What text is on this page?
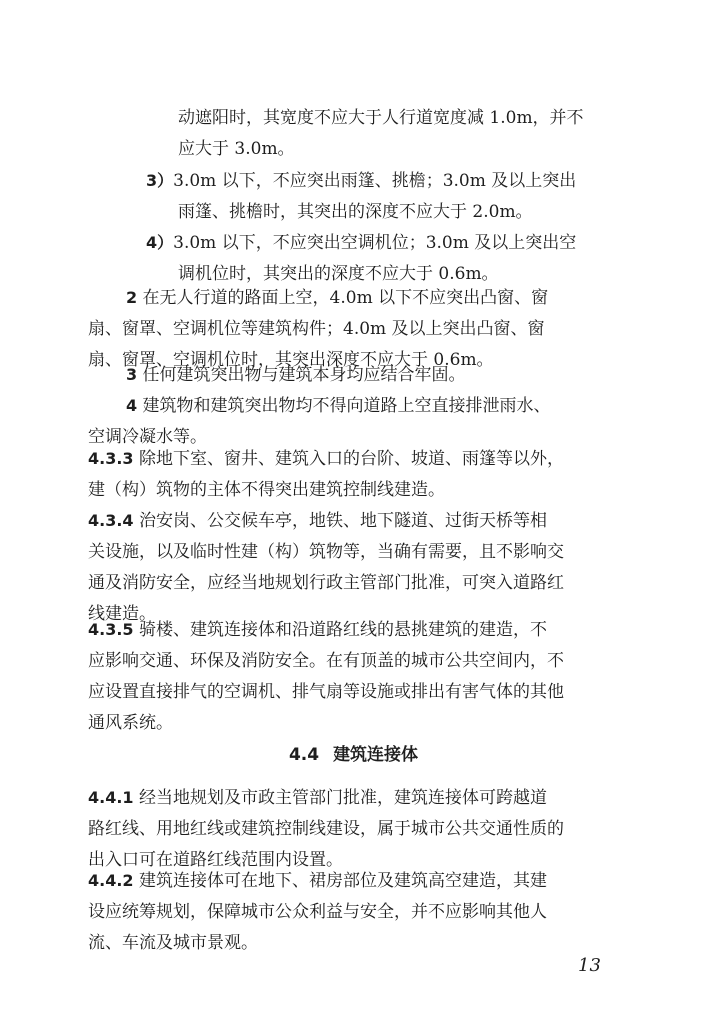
动遮阳时，其宽度不应大于人行道宽度减 1.0m，并不
应大于 3.0m。
3）3.0m 以下，不应突出雨篷、挑檐；3.0m 及以上突出
雨篷、挑檐时，其突出的深度不应大于 2.0m。
4）3.0m 以下，不应突出空调机位；3.0m 及以上突出空
调机位时，其突出的深度不应大于 0.6m。
2 在无人行道的路面上空，4.0m 以下不应突出凸窗、窗
扇、窗罩、空调机位等建筑构件；4.0m 及以上突出凸窗、窗
扇、窗罩、空调机位时，其突出深度不应大于 0.6m。
3 任何建筑突出物与建筑本身均应结合牢固。
4 建筑物和建筑突出物均不得向道路上空直接排泄雨水、
空调冷凝水等。
4.3.3 除地下室、窗井、建筑入口的台阶、坡道、雨篷等以外，
建（构）筑物的主体不得突出建筑控制线建造。
4.3.4 治安岗、公交候车亭，地铁、地下隧道、过街天桥等相
关设施，以及临时性建（构）筑物等，当确有需要，且不影响交
通及消防安全，应经当地规划行政主管部门批准，可突入道路红
线建造。
4.3.5 骑楼、建筑连接体和沿道路红线的悬挑建筑的建造，不
应影响交通、环保及消防安全。在有顶盖的城市公共空间内，不
应设置直接排气的空调机、排气扇等设施或排出有害气体的其他
通风系统。
4.4 建筑连接体
4.4.1 经当地规划及市政主管部门批准，建筑连接体可跨越道
路红线、用地红线或建筑控制线建设，属于城市公共交通性质的
出入口可在道路红线范围内设置。
4.4.2 建筑连接体可在地下、裙房部位及建筑高空建造，其建
设应统筹规划，保障城市公众利益与安全，并不应影响其他人
流、车流及城市景观。
13
